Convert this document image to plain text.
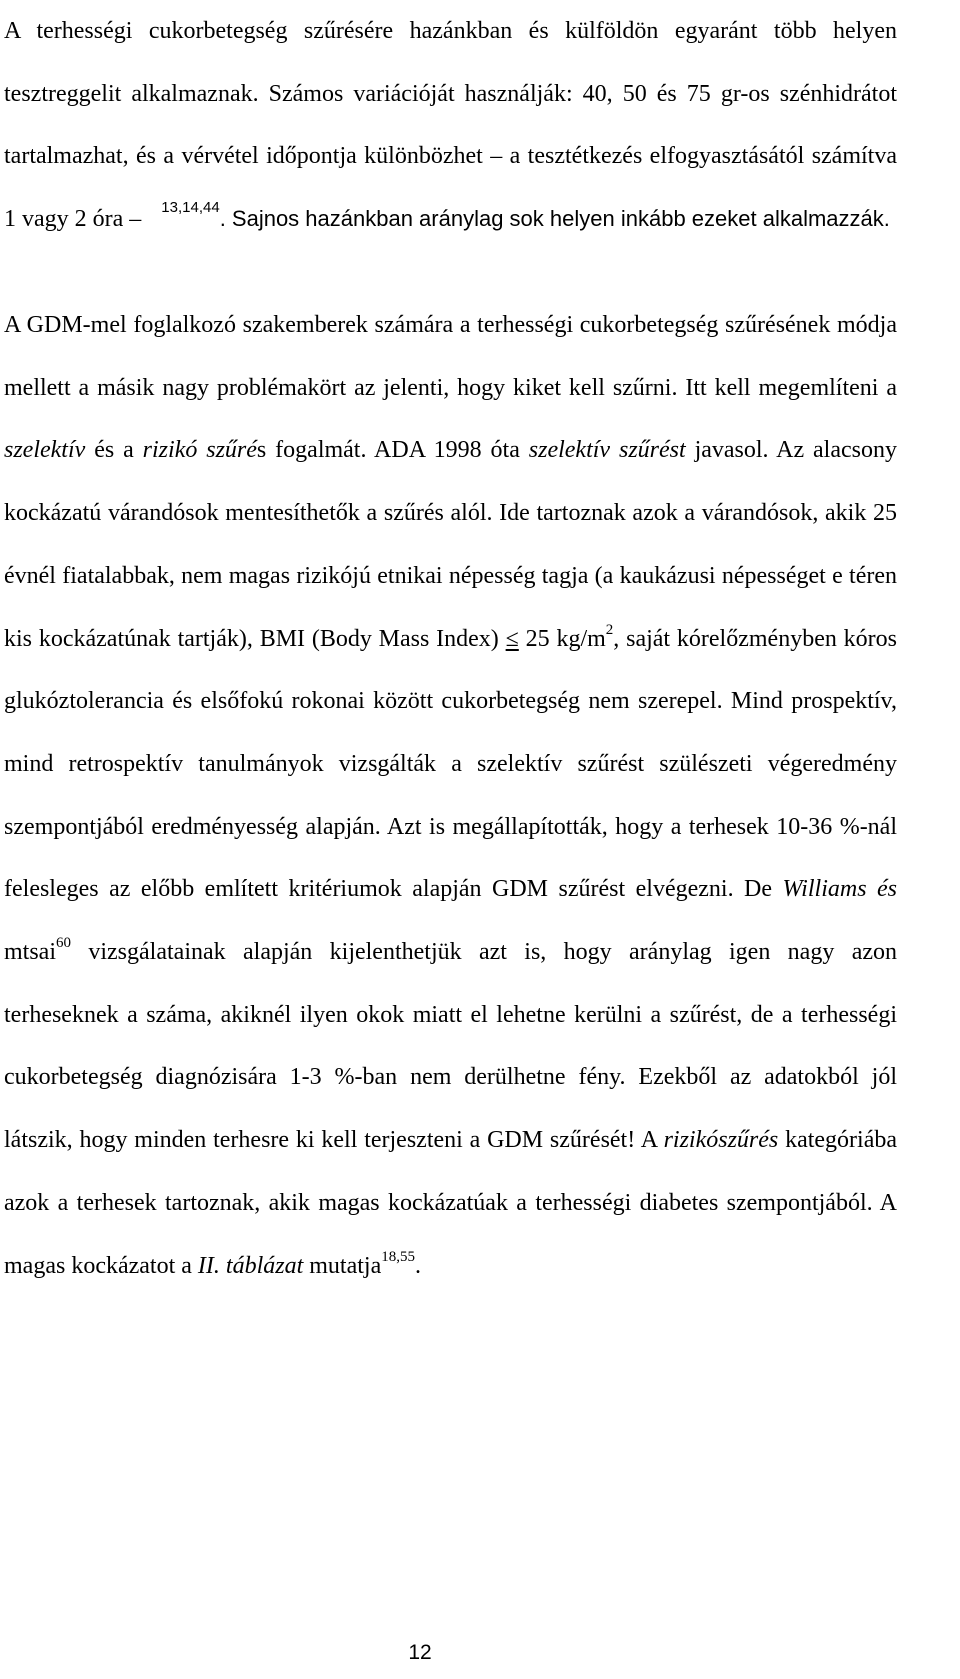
A terhességi cukorbetegség szűrésére hazánkban és külföldön egyaránt több helyen tesztreggelit alkalmaznak. Számos variációját használják: 40, 50 és 75 gr-os szénhidrátot tartalmazhat, és a vérvétel időpontja különbözhet – a tesztétkezés elfogyasztásától számítva 1 vagy 2 óra – $^{13,14,44}$. Sajnos hazánkban aránylag sok helyen inkább ezeket alkalmazzák.

A GDM-mel foglalkozó szakemberek számára a terhességi cukorbetegség szűrésének módja mellett a másik nagy problémakört az jelenti, hogy kiket kell szűrni. Itt kell megemlíteni a szelektív és a rizikó szűrés fogalmát. ADA 1998 óta szelektív szűrést javasol. Az alacsony kockázatú várandósok mentesíthetők a szűrés alól. Ide tartoznak azok a várandósok, akik 25 évnél fiatalabbak, nem magas rizikójú etnikai népesség tagja (a kaukázusi népességet e téren kis kockázatúnak tartják), BMI (Body Mass Index) ≤ 25 $kg/m^2$, saját kórelőzményben kóros glukóztolerancia és elsőfokú rokonai között cukorbetegség nem szerepel. Mind prospektív, mind retrospektív tanulmányok vizsgálták a szelektív szűrést szülészeti végeredmény szempontjából eredményesség alapján. Azt is megállapították, hogy a terhesek 10-36 %-nál felesleges az előbb említett kritériumok alapján GDM szűrést elvégezni. De Williams és mtsai$^{60}$ vizsgálatainak alapján kijelenthetjük azt is, hogy aránylag igen nagy azon terheseknek a száma, akiknél ilyen okok miatt el lehetne kerülni a szűrést, de a terhességi cukorbetegség diagnózisára 1-3 %-ban nem derülhetne fény. Ezekből az adatokból jól látszik, hogy minden terhesre ki kell terjeszteni a GDM szűrését! A rizikószűrés kategóriába azok a terhesek tartoznak, akik magas kockázatúak a terhességi diabetes szempontjából. A magas kockázatot a II. táblázat mutatja$^{18,55}$.

12
